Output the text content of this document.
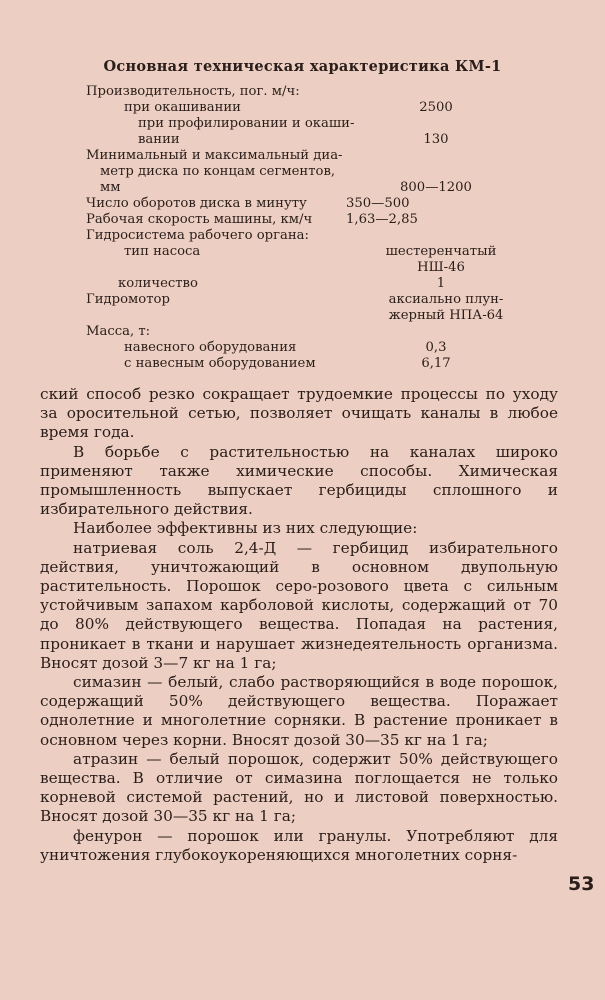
Основная техническая характеристика КМ-1
Производительность, пог. м/ч:
при окашивании	2500
при профилировании и окаши-
вании	130
Минимальный и максимальный диа-
метр диска по концам сегментов,
мм	800—1200
Число оборотов диска в минуту	350—500
Рабочая скорость машины, км/ч	1,63—2,85
Гидросистема рабочего органа:
тип насоса	шестеренчатый
НШ-46
количество	1
Гидромотор	аксиально плун-
жерный НПА-64
Масса, т:
навесного оборудования	0,3
с навесным оборудованием	6,17

ский способ резко сокращает трудоемкие процессы по уходу за оросительной сетью, позволяет очищать каналы в любое время года.

В борьбе с растительностью на каналах широко применяют также химические способы. Химическая промышленность выпускает гербициды сплошного и избирательного действия.

Наиболее эффективны из них следующие:

натриевая соль 2,4-Д — гербицид избирательного действия, уничтожающий в основном двупольную растительность. Порошок серо-розового цвета с сильным устойчивым запахом карболовой кислоты, содержащий от 70 до 80% действующего вещества. Попадая на растения, проникает в ткани и нарушает жизнедеятельность организма. Вносят дозой 3—7 кг на 1 га;

симазин — белый, слабо растворяющийся в воде порошок, содержащий 50% действующего вещества. Поражает однолетние и многолетние сорняки. В растение проникает в основном через корни. Вносят дозой 30—35 кг на 1 га;

атразин — белый порошок, содержит 50% действующего вещества. В отличие от симазина поглощается не только корневой системой растений, но и листовой поверхностью. Вносят дозой 30—35 кг на 1 га;

фенурон — порошок или гранулы. Употребляют для уничтожения глубокоукореняющихся многолетних сорня-

53
